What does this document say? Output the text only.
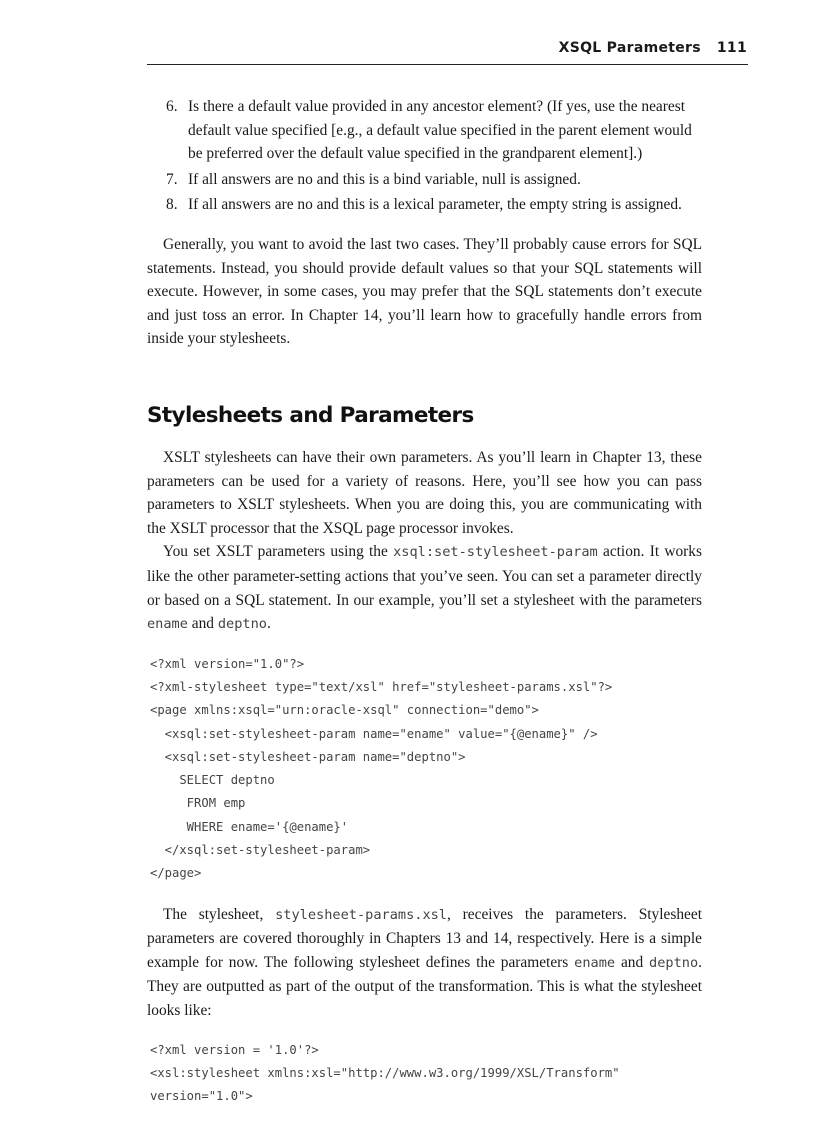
XSQL Parameters 111
6. Is there a default value provided in any ancestor element? (If yes, use the nearest default value specified [e.g., a default value specified in the parent element would be preferred over the default value specified in the grandparent element].)
7. If all answers are no and this is a bind variable, null is assigned.
8. If all answers are no and this is a lexical parameter, the empty string is assigned.

Generally, you want to avoid the last two cases. They’ll probably cause errors for SQL statements. Instead, you should provide default values so that your SQL statements will execute. However, in some cases, you may prefer that the SQL statements don’t execute and just toss an error. In Chapter 14, you’ll learn how to gracefully handle errors from inside your stylesheets.

Stylesheets and Parameters

XSLT stylesheets can have their own parameters. As you’ll learn in Chapter 13, these parameters can be used for a variety of reasons. Here, you’ll see how you can pass parameters to XSLT stylesheets. When you are doing this, you are communicating with the XSLT processor that the XSQL page processor invokes.

You set XSLT parameters using the xsql:set-stylesheet-param action. It works like the other parameter-setting actions that you’ve seen. You can set a parameter directly or based on a SQL statement. In our example, you’ll set a stylesheet with the parameters ename and deptno.

<?xml version="1.0"?>
<?xml-stylesheet type="text/xsl" href="stylesheet-params.xsl"?>
<page xmlns:xsql="urn:oracle-xsql" connection="demo">
<xsql:set-stylesheet-param name="ename" value="{@ename}" />
<xsql:set-stylesheet-param name="deptno">
SELECT deptno
FROM emp
WHERE ename='{@ename}'
</xsql:set-stylesheet-param>
</page>

The stylesheet, stylesheet-params.xsl, receives the parameters. Stylesheet parameters are covered thoroughly in Chapters 13 and 14, respectively. Here is a simple example for now. The following stylesheet defines the parameters ename and deptno. They are outputted as part of the output of the transformation. This is what the stylesheet looks like:

<?xml version = '1.0'?>
<xsl:stylesheet xmlns:xsl="http://www.w3.org/1999/XSL/Transform"
version="1.0">
